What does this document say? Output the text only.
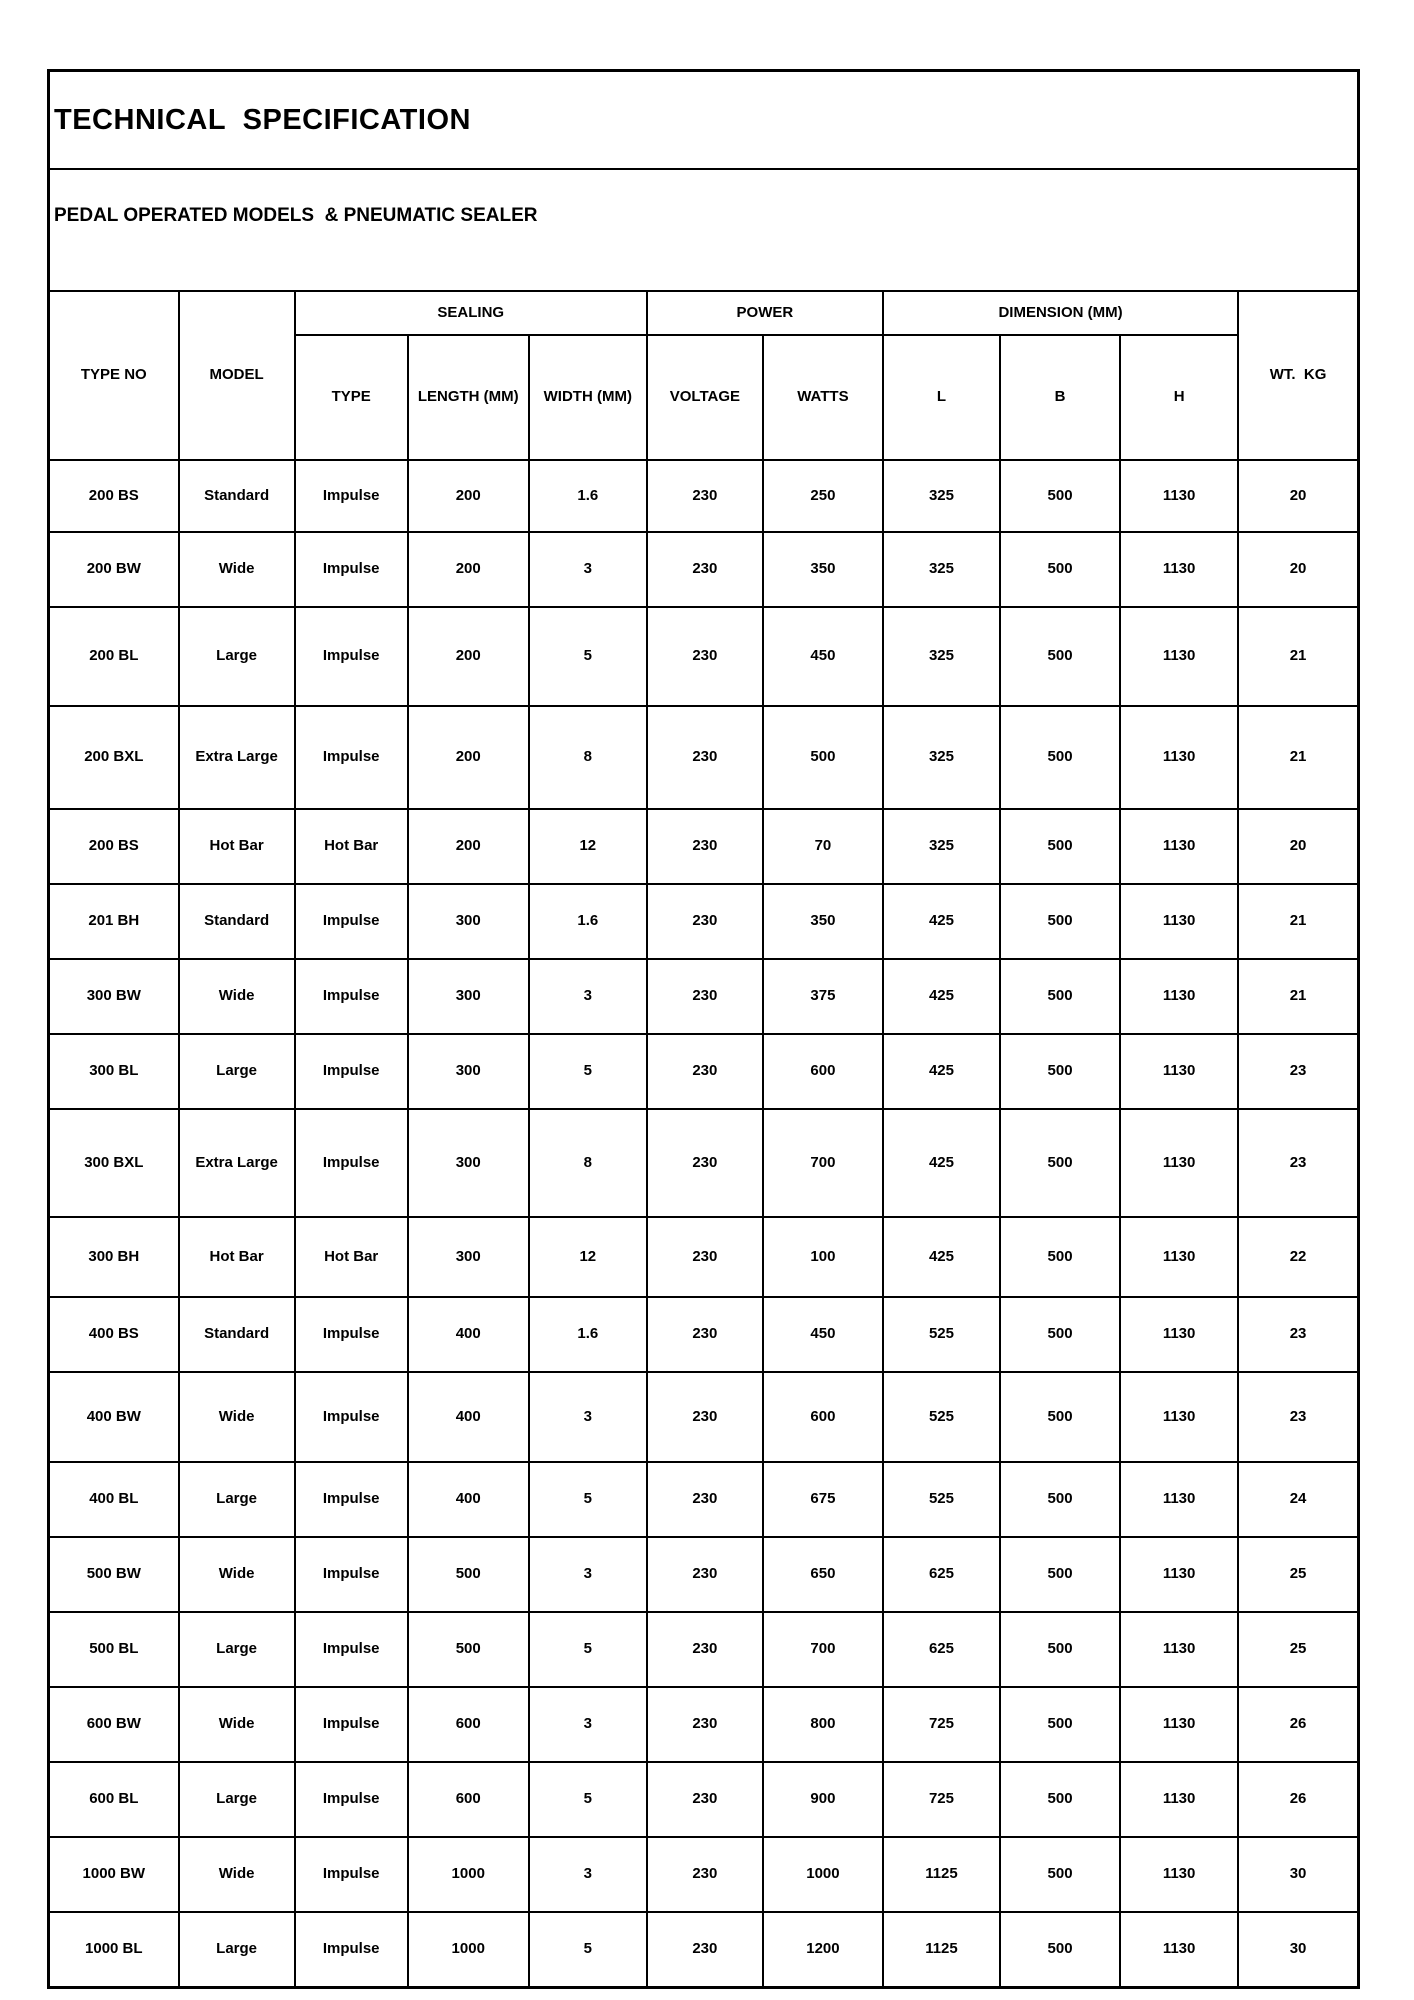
TECHNICAL  SPECIFICATION										
PEDAL OPERATED MODELS  & PNEUMATIC SEALER										
TYPE NO	MODEL	SEALING			POWER		DIMENSION (MM)			WT.  KG
		TYPE	LENGTH (MM)	WIDTH (MM)	VOLTAGE	WATTS	L	B	H	
200 BS	Standard	Impulse	200	1.6	230	250	325	500	1130	20
200 BW	Wide	Impulse	200	3	230	350	325	500	1130	20
200 BL	Large	Impulse	200	5	230	450	325	500	1130	21
200 BXL	Extra Large	Impulse	200	8	230	500	325	500	1130	21
200 BS	Hot Bar	Hot Bar	200	12	230	70	325	500	1130	20
201 BH	Standard	Impulse	300	1.6	230	350	425	500	1130	21
300 BW	Wide	Impulse	300	3	230	375	425	500	1130	21
300 BL	Large	Impulse	300	5	230	600	425	500	1130	23
300 BXL	Extra Large	Impulse	300	8	230	700	425	500	1130	23
300 BH	Hot Bar	Hot Bar	300	12	230	100	425	500	1130	22
400 BS	Standard	Impulse	400	1.6	230	450	525	500	1130	23
400 BW	Wide	Impulse	400	3	230	600	525	500	1130	23
400 BL	Large	Impulse	400	5	230	675	525	500	1130	24
500 BW	Wide	Impulse	500	3	230	650	625	500	1130	25
500 BL	Large	Impulse	500	5	230	700	625	500	1130	25
600 BW	Wide	Impulse	600	3	230	800	725	500	1130	26
600 BL	Large	Impulse	600	5	230	900	725	500	1130	26
1000 BW	Wide	Impulse	1000	3	230	1000	1125	500	1130	30
1000 BL	Large	Impulse	1000	5	230	1200	1125	500	1130	30
